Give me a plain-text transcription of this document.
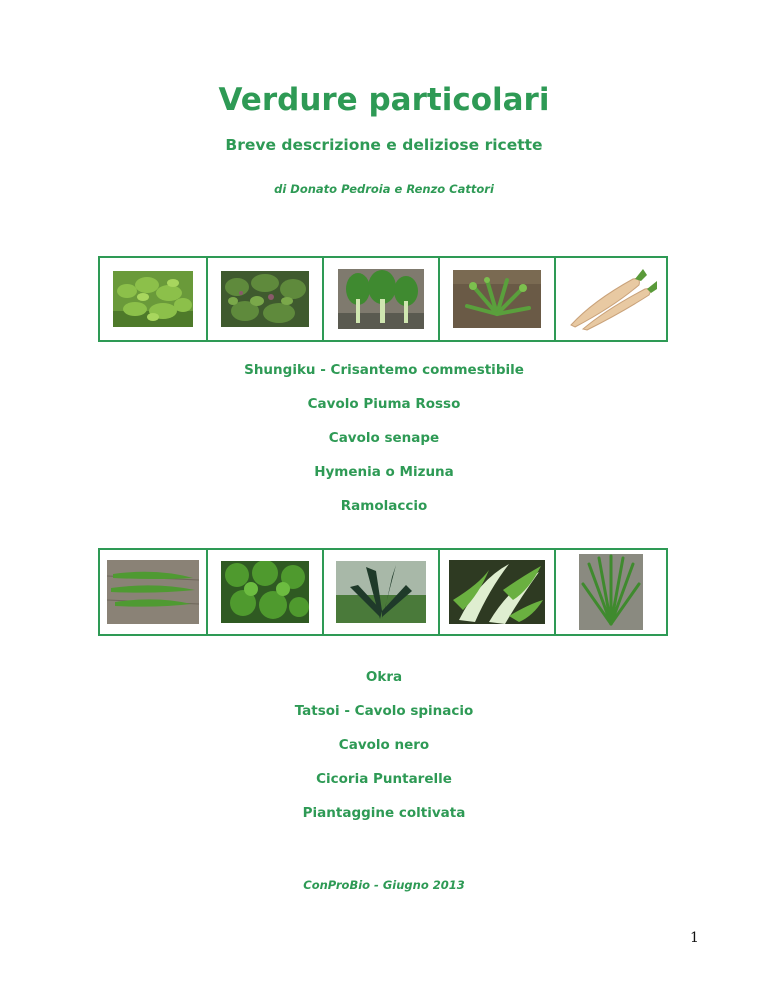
Verdure particolari
Breve descrizione e deliziose ricette
di Donato Pedroia e Renzo Cattori
Shungiku - Crisantemo commestibile
Cavolo Piuma Rosso
Cavolo senape
Hymenia o Mizuna
Ramolaccio
Okra
Tatsoi - Cavolo spinacio
Cavolo nero
Cicoria Puntarelle
Piantaggine coltivata
ConProBio - Giugno 2013
1
